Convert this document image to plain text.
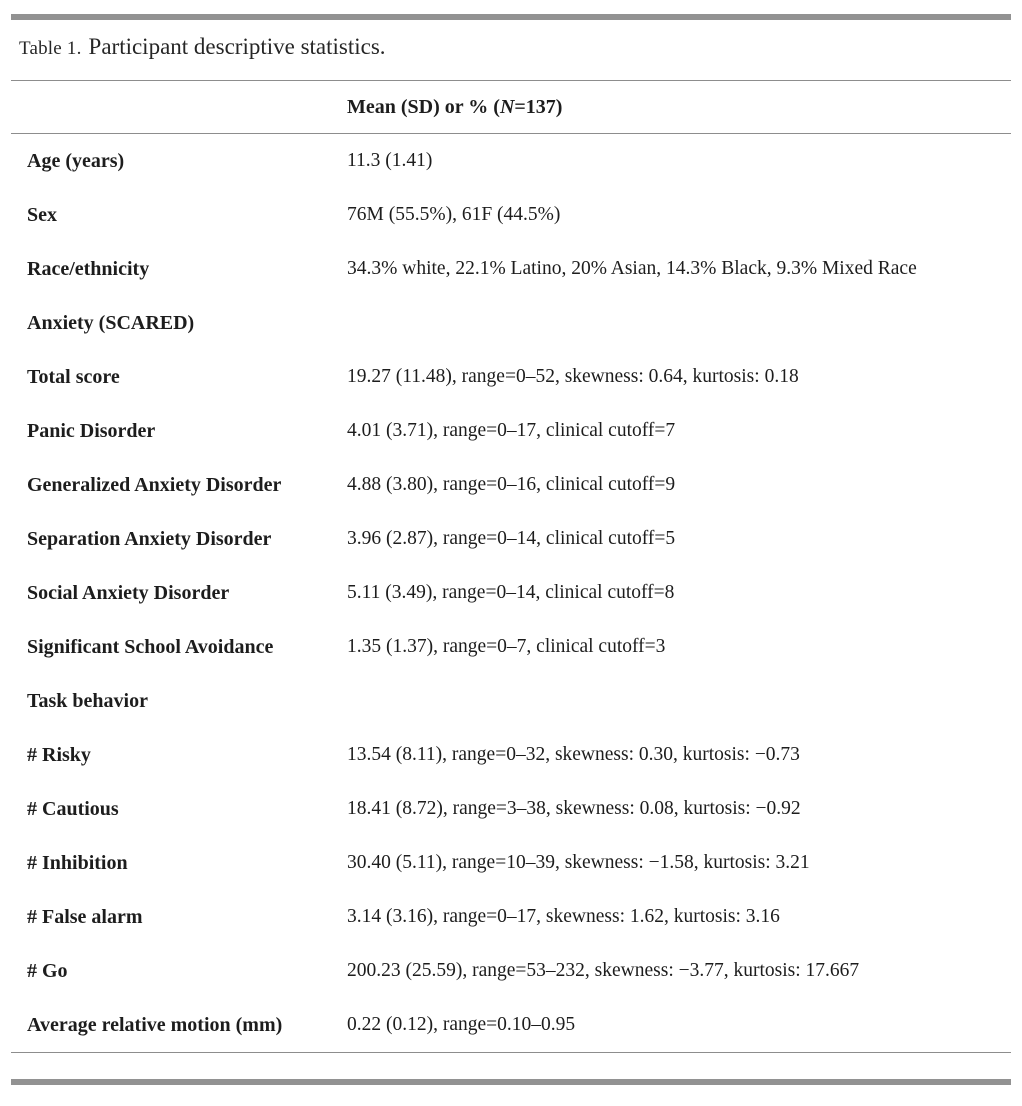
Table 1. Participant descriptive statistics.
Mean (SD) or % (N=137)
Age (years)	11.3 (1.41)
Sex	76M (55.5%), 61F (44.5%)
Race/ethnicity	34.3% white, 22.1% Latino, 20% Asian, 14.3% Black, 9.3% Mixed Race
Anxiety (SCARED)
Total score	19.27 (11.48), range=0–52, skewness: 0.64, kurtosis: 0.18
Panic Disorder	4.01 (3.71), range=0–17, clinical cutoff=7
Generalized Anxiety Disorder	4.88 (3.80), range=0–16, clinical cutoff=9
Separation Anxiety Disorder	3.96 (2.87), range=0–14, clinical cutoff=5
Social Anxiety Disorder	5.11 (3.49), range=0–14, clinical cutoff=8
Significant School Avoidance	1.35 (1.37), range=0–7, clinical cutoff=3
Task behavior
# Risky	13.54 (8.11), range=0–32, skewness: 0.30, kurtosis: −0.73
# Cautious	18.41 (8.72), range=3–38, skewness: 0.08, kurtosis: −0.92
# Inhibition	30.40 (5.11), range=10–39, skewness: −1.58, kurtosis: 3.21
# False alarm	3.14 (3.16), range=0–17, skewness: 1.62, kurtosis: 3.16
# Go	200.23 (25.59), range=53–232, skewness: −3.77, kurtosis: 17.667
Average relative motion (mm)	0.22 (0.12), range=0.10–0.95
